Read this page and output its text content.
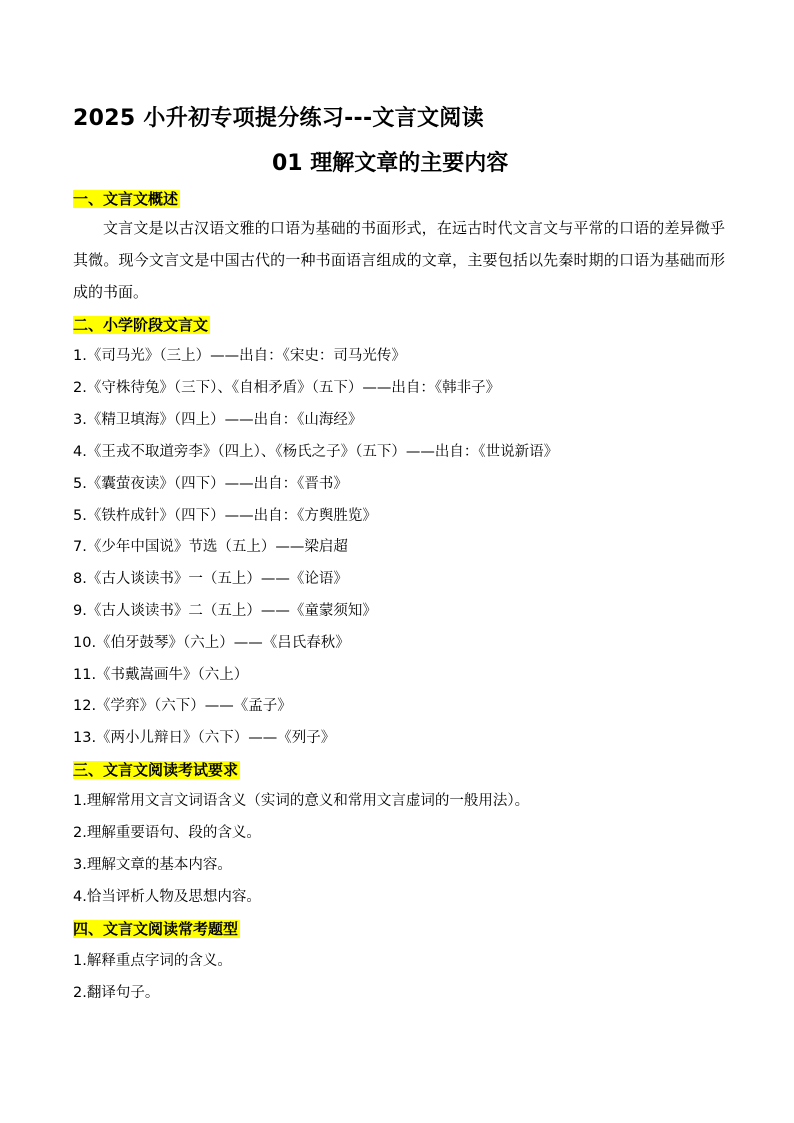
2025 小升初专项提分练习---文言文阅读
01 理解文章的主要内容
一、文言文概述
文言文是以古汉语文雅的口语为基础的书面形式，在远古时代文言文与平常的口语的差异微乎其微。现今文言文是中国古代的一种书面语言组成的文章，主要包括以先秦时期的口语为基础而形成的书面。
二、小学阶段文言文
1.《司马光》（三上）——出自：《宋史：司马光传》
2.《守株待兔》（三下）、《自相矛盾》（五下）——出自：《韩非子》
3.《精卫填海》（四上）——出自：《山海经》
4.《王戎不取道旁李》（四上）、《杨氏之子》（五下）——出自：《世说新语》
5.《囊萤夜读》（四下）——出自：《晋书》
5.《铁杵成针》（四下）——出自：《方舆胜览》
7.《少年中国说》节选（五上）——梁启超
8.《古人谈读书》一（五上）——《论语》
9.《古人谈读书》二（五上）——《童蒙须知》
10.《伯牙鼓琴》（六上）——《吕氏春秋》
11.《书戴嵩画牛》（六上）
12.《学弈》（六下）——《孟子》
13.《两小儿辩日》（六下）——《列子》
三、文言文阅读考试要求
1.理解常用文言文词语含义（实词的意义和常用文言虚词的一般用法）。
2.理解重要语句、段的含义。
3.理解文章的基本内容。
4.恰当评析人物及思想内容。
四、文言文阅读常考题型
1.解释重点字词的含义。
2.翻译句子。
